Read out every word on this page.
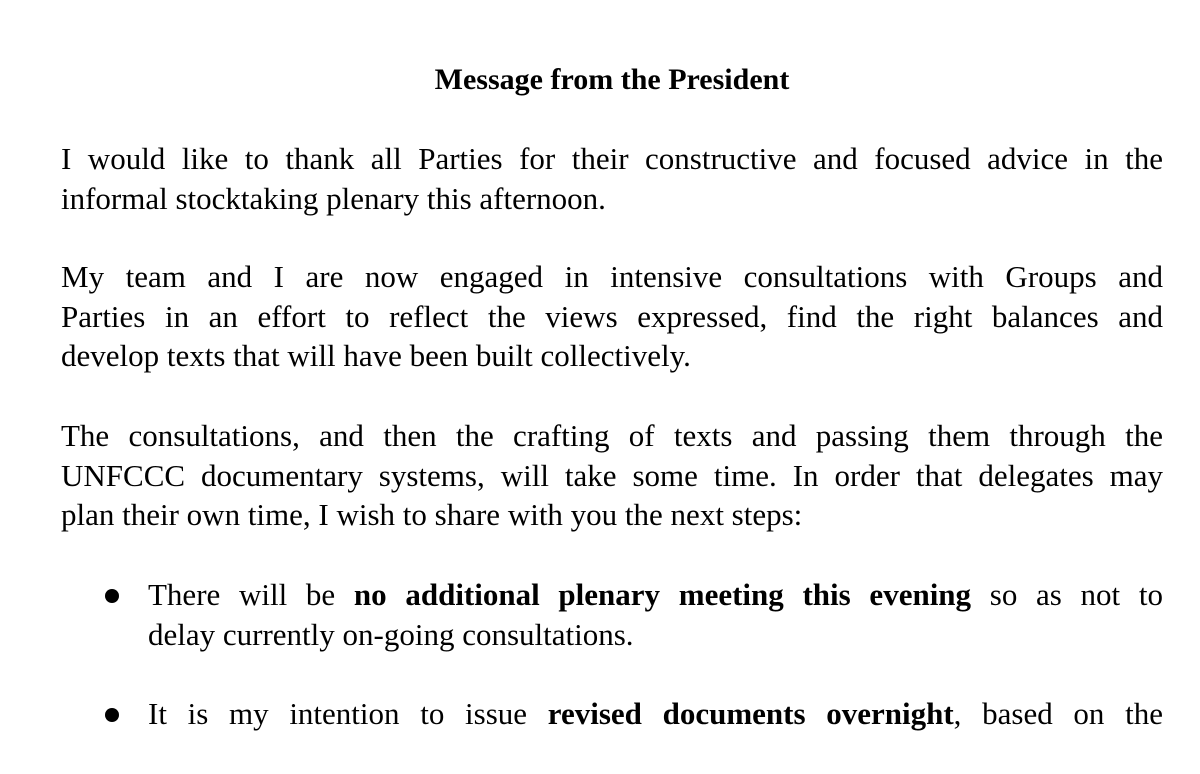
Message from the President

I would like to thank all Parties for their constructive and focused advice in the
informal stocktaking plenary this afternoon.

My team and I are now engaged in intensive consultations with Groups and
Parties in an effort to reflect the views expressed, find the right balances and
develop texts that will have been built collectively.

The consultations, and then the crafting of texts and passing them through the
UNFCCC documentary systems, will take some time. In order that delegates may
plan their own time, I wish to share with you the next steps:

There will be no additional plenary meeting this evening so as not to
delay currently on-going consultations.
It is my intention to issue revised documents overnight, based on the
